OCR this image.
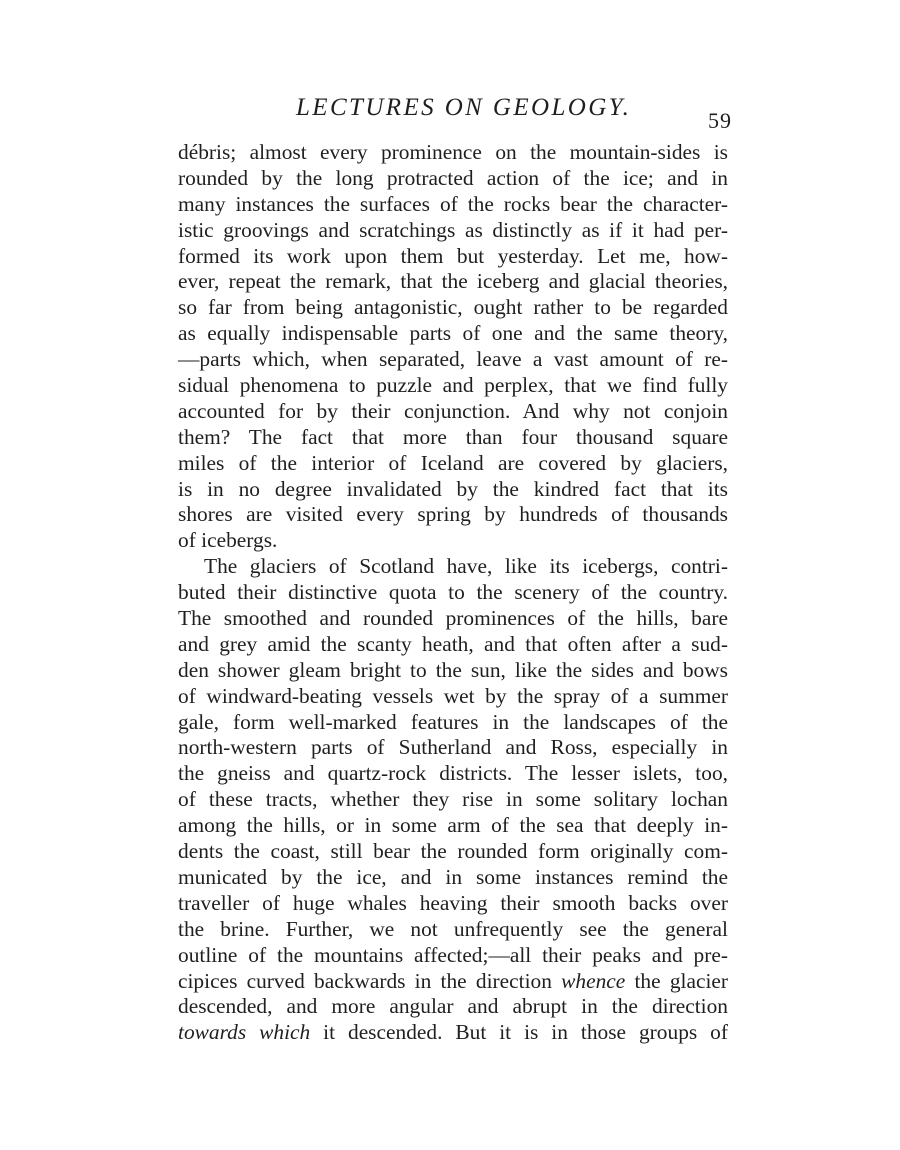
LECTURES ON GEOLOGY.	59
débris; almost every prominence on the mountain-sides is
rounded by the long protracted action of the ice; and in
many instances the surfaces of the rocks bear the character-
istic groovings and scratchings as distinctly as if it had per-
formed its work upon them but yesterday. Let me, how-
ever, repeat the remark, that the iceberg and glacial theories,
so far from being antagonistic, ought rather to be regarded
as equally indispensable parts of one and the same theory,
—parts which, when separated, leave a vast amount of re-
sidual phenomena to puzzle and perplex, that we find fully
accounted for by their conjunction. And why not conjoin
them? The fact that more than four thousand square
miles of the interior of Iceland are covered by glaciers,
is in no degree invalidated by the kindred fact that its
shores are visited every spring by hundreds of thousands
of icebergs.
The glaciers of Scotland have, like its icebergs, contri-
buted their distinctive quota to the scenery of the country.
The smoothed and rounded prominences of the hills, bare
and grey amid the scanty heath, and that often after a sud-
den shower gleam bright to the sun, like the sides and bows
of windward-beating vessels wet by the spray of a summer
gale, form well-marked features in the landscapes of the
north-western parts of Sutherland and Ross, especially in
the gneiss and quartz-rock districts. The lesser islets, too,
of these tracts, whether they rise in some solitary lochan
among the hills, or in some arm of the sea that deeply in-
dents the coast, still bear the rounded form originally com-
municated by the ice, and in some instances remind the
traveller of huge whales heaving their smooth backs over
the brine. Further, we not unfrequently see the general
outline of the mountains affected;—all their peaks and pre-
cipices curved backwards in the direction whence the glacier
descended, and more angular and abrupt in the direction
towards which it descended. But it is in those groups of
